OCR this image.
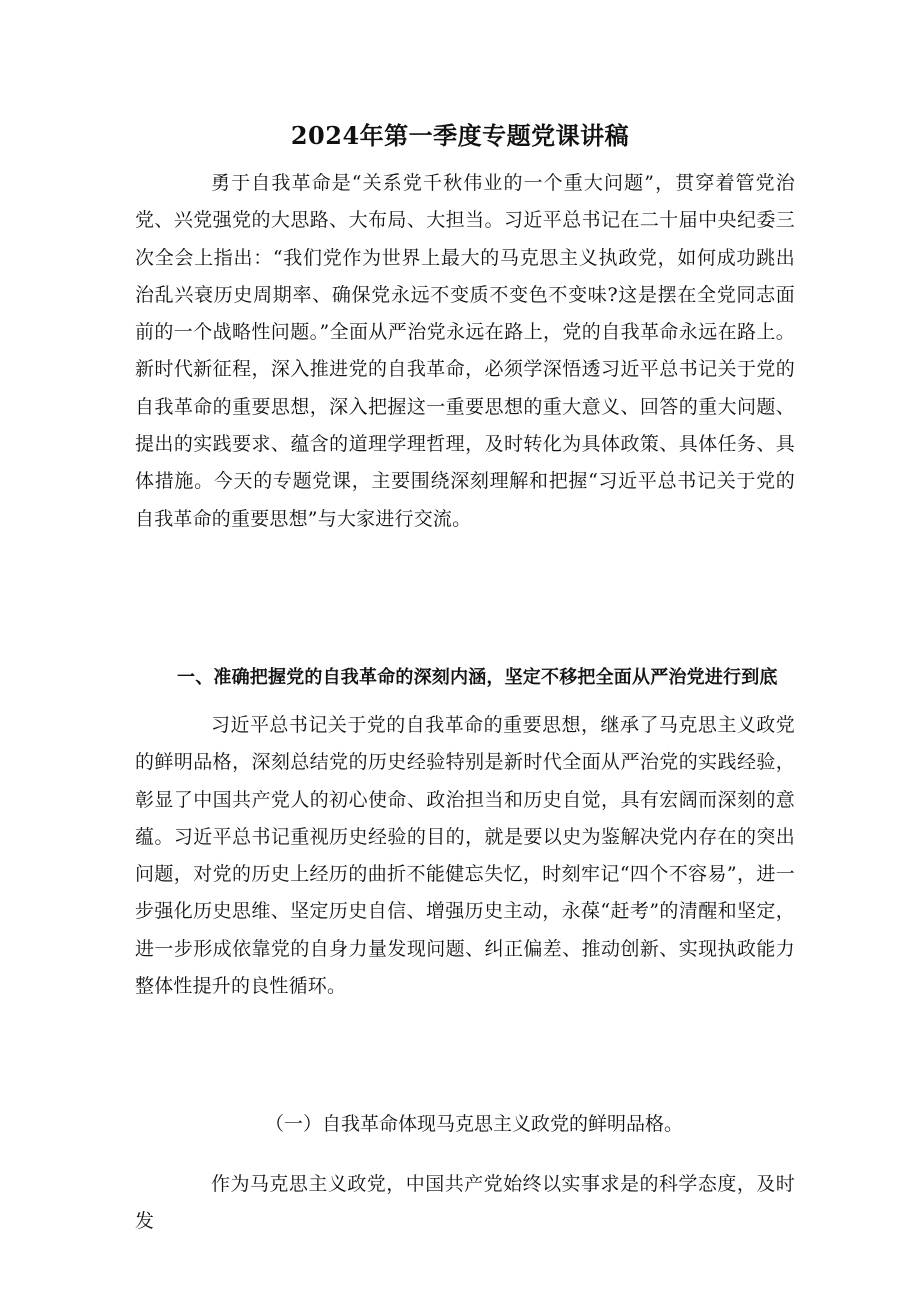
2024年第一季度专题党课讲稿

勇于自我革命是“关系党千秋伟业的一个重大问题”，贯穿着管党治党、兴党强党的大思路、大布局、大担当。习近平总书记在二十届中央纪委三次全会上指出：“我们党作为世界上最大的马克思主义执政党，如何成功跳出治乱兴衰历史周期率、确保党永远不变质不变色不变味?这是摆在全党同志面前的一个战略性问题。”全面从严治党永远在路上，党的自我革命永远在路上。新时代新征程，深入推进党的自我革命，必须学深悟透习近平总书记关于党的自我革命的重要思想，深入把握这一重要思想的重大意义、回答的重大问题、提出的实践要求、蕴含的道理学理哲理，及时转化为具体政策、具体任务、具体措施。今天的专题党课，主要围绕深刻理解和把握“习近平总书记关于党的自我革命的重要思想”与大家进行交流。

一、准确把握党的自我革命的深刻内涵，坚定不移把全面从严治党进行到底

习近平总书记关于党的自我革命的重要思想，继承了马克思主义政党的鲜明品格，深刻总结党的历史经验特别是新时代全面从严治党的实践经验，彰显了中国共产党人的初心使命、政治担当和历史自觉，具有宏阔而深刻的意蕴。习近平总书记重视历史经验的目的，就是要以史为鉴解决党内存在的突出问题，对党的历史上经历的曲折不能健忘失忆，时刻牢记“四个不容易”，进一步强化历史思维、坚定历史自信、增强历史主动，永葆“赶考”的清醒和坚定，进一步形成依靠党的自身力量发现问题、纠正偏差、推动创新、实现执政能力整体性提升的良性循环。

（一）自我革命体现马克思主义政党的鲜明品格。

作为马克思主义政党，中国共产党始终以实事求是的科学态度，及时发
